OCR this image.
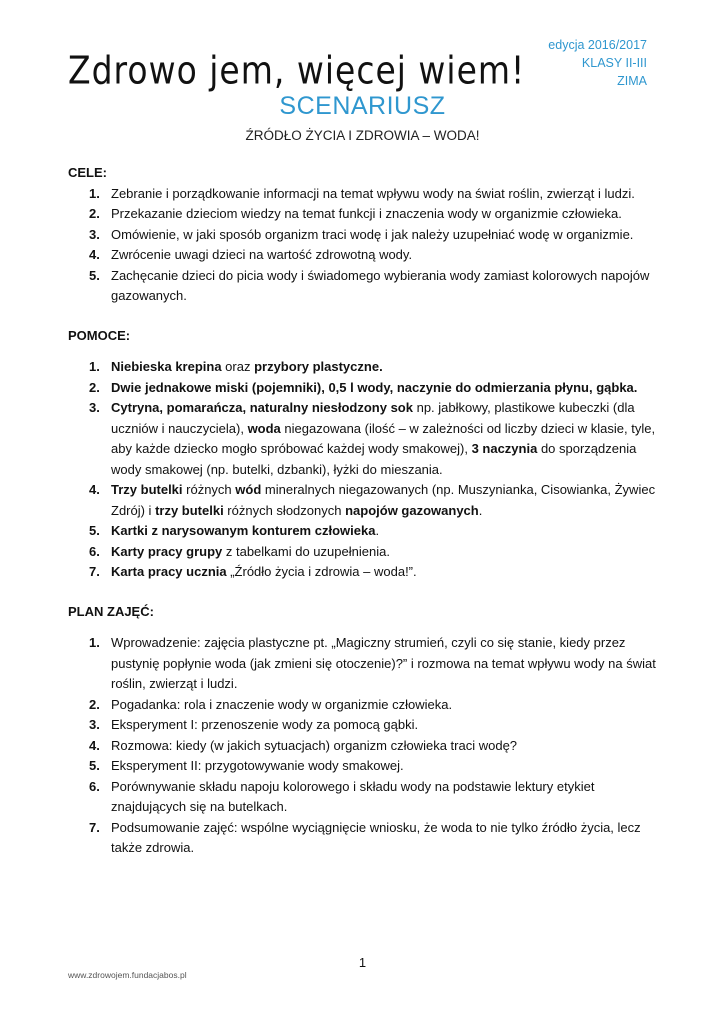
Zdrowo jem, więcej wiem!
edycja 2016/2017
KLASY II-III
ZIMA
SCENARIUSZ
ŹRÓDŁO ŻYCIA I ZDROWIA – WODA!

CELE:

1. Zebranie i porządkowanie informacji na temat wpływu wody na świat roślin, zwierząt i ludzi.
2. Przekazanie dzieciom wiedzy na temat funkcji i znaczenia wody w organizmie człowieka.
3. Omówienie, w jaki sposób organizm traci wodę i jak należy uzupełniać wodę w organizmie.
4. Zwrócenie uwagi dzieci na wartość zdrowotną wody.
5. Zachęcanie dzieci do picia wody i świadomego wybierania wody zamiast kolorowych napojów gazowanych.

POMOCE:

1. Niebieska krepina oraz przybory plastyczne.
2. Dwie jednakowe miski (pojemniki), 0,5 l wody, naczynie do odmierzania płynu, gąbka.
3. Cytryna, pomarańcza, naturalny niesłodzony sok np. jabłkowy, plastikowe kubeczki (dla uczniów i nauczyciela), woda niegazowana (ilość – w zależności od liczby dzieci w klasie, tyle, aby każde dziecko mogło spróbować każdej wody smakowej), 3 naczynia do sporządzenia wody smakowej (np. butelki, dzbanki), łyżki do mieszania.
4. Trzy butelki różnych wód mineralnych niegazowanych (np. Muszynianka, Cisowianka, Żywiec Zdrój) i trzy butelki różnych słodzonych napojów gazowanych.
5. Kartki z narysowanym konturem człowieka.
6. Karty pracy grupy z tabelkami do uzupełnienia.
7. Karta pracy ucznia „Źródło życia i zdrowia – woda!”.

PLAN ZAJĘĆ:

1. Wprowadzenie: zajęcia plastyczne pt. „Magiczny strumień, czyli co się stanie, kiedy przez pustynię popłynie woda (jak zmieni się otoczenie)?” i rozmowa na temat wpływu wody na świat roślin, zwierząt i ludzi.
2. Pogadanka: rola i znaczenie wody w organizmie człowieka.
3. Eksperyment I: przenoszenie wody za pomocą gąbki.
4. Rozmowa: kiedy (w jakich sytuacjach) organizm człowieka traci wodę?
5. Eksperyment II: przygotowywanie wody smakowej.
6. Porównywanie składu napoju kolorowego i składu wody na podstawie lektury etykiet znajdujących się na butelkach.
7. Podsumowanie zajęć: wspólne wyciągnięcie wniosku, że woda to nie tylko źródło życia, lecz także zdrowia.
1
www.zdrowojem.fundacjabos.pl
